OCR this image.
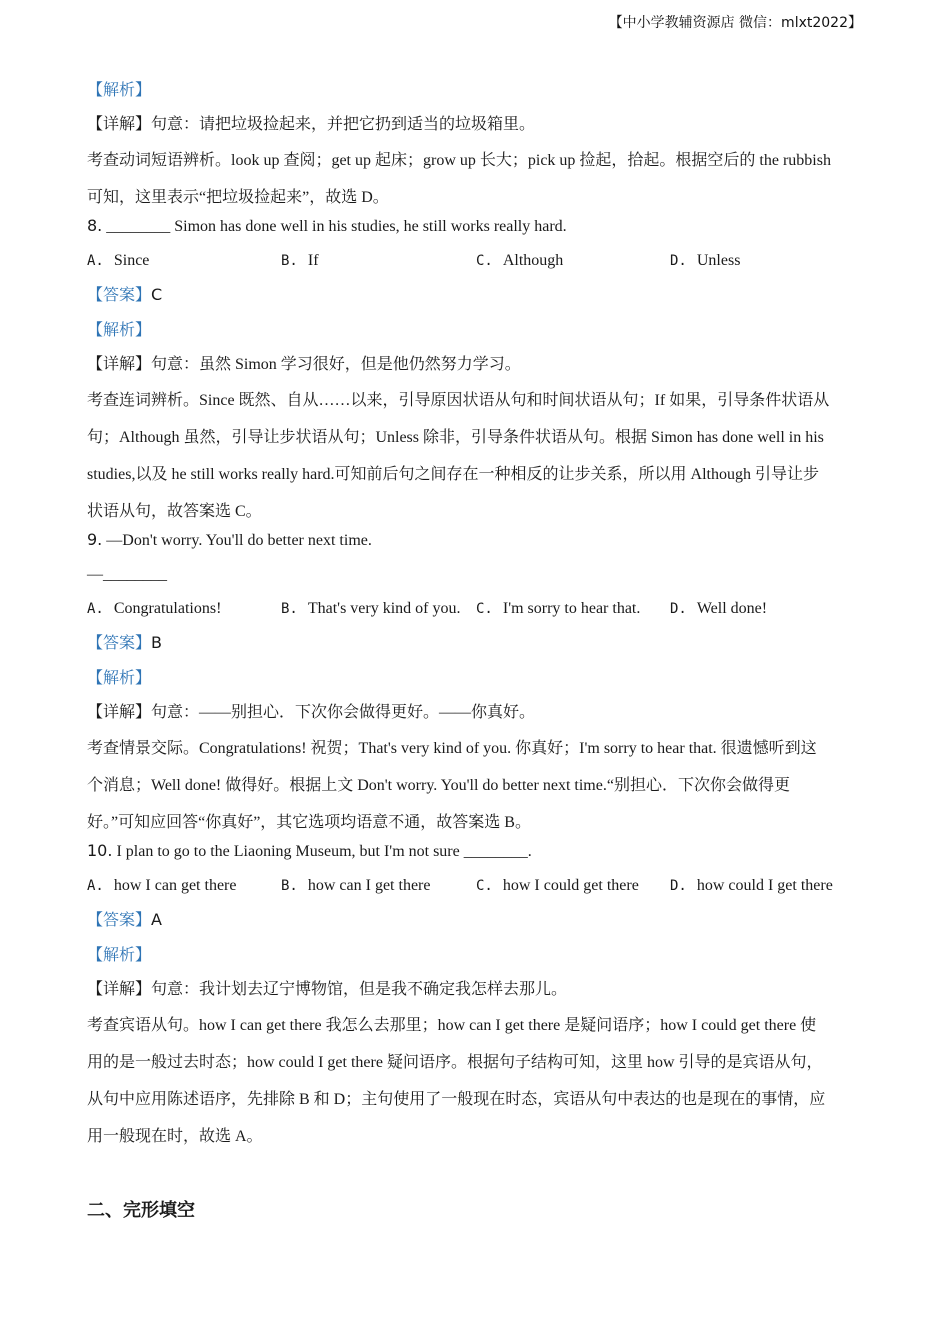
【中小学教辅资源店 微信：mlxt2022】
【解析】
【详解】句意：请把垃圾捡起来，并把它扔到适当的垃圾箱里。
考查动词短语辨析。look up 查阅；get up 起床；grow up 长大；pick up 捡起，拾起。根据空后的 the rubbish
可知，这里表示“把垃圾捡起来”，故选 D。
8. ________ Simon has done well in his studies, he still works really hard.
A. Since	B. If	C. Although	D. Unless
【答案】C
【解析】
【详解】句意：虽然 Simon 学习很好，但是他仍然努力学习。
考查连词辨析。Since 既然、自从……以来，引导原因状语从句和时间状语从句；If 如果，引导条件状语从
句；Although 虽然，引导让步状语从句；Unless 除非，引导条件状语从句。根据 Simon has done well in his
studies,以及 he still works really hard.可知前后句之间存在一种相反的让步关系，所以用 Although 引导让步
状语从句，故答案选 C。
9. —Don't worry. You'll do better next time.
—________
A. Congratulations!	B. That's very kind of you. C. I'm sorry to hear that. D. Well done!
【答案】B
【解析】
【详解】句意：——别担心．下次你会做得更好。——你真好。
考查情景交际。Congratulations! 祝贺；That's very kind of you. 你真好；I'm sorry to hear that. 很遗憾听到这
个消息；Well done! 做得好。根据上文 Don't worry. You'll do better next time.“别担心．下次你会做得更
好。”可知应回答“你真好”，其它选项均语意不通，故答案选 B。
10. I plan to go to the Liaoning Museum, but I'm not sure ________.
A. how I can get there	B. how can I get there	C. how I could get there D. how could I get there
【答案】A
【解析】
【详解】句意：我计划去辽宁博物馆，但是我不确定我怎样去那儿。
考查宾语从句。how I can get there 我怎么去那里；how can I get there 是疑问语序；how I could get there 使
用的是一般过去时态；how could I get there 疑问语序。根据句子结构可知，这里 how 引导的是宾语从句，
从句中应用陈述语序，先排除 B 和 D；主句使用了一般现在时态，宾语从句中表达的也是现在的事情，应
用一般现在时，故选 A。
二、完形填空
